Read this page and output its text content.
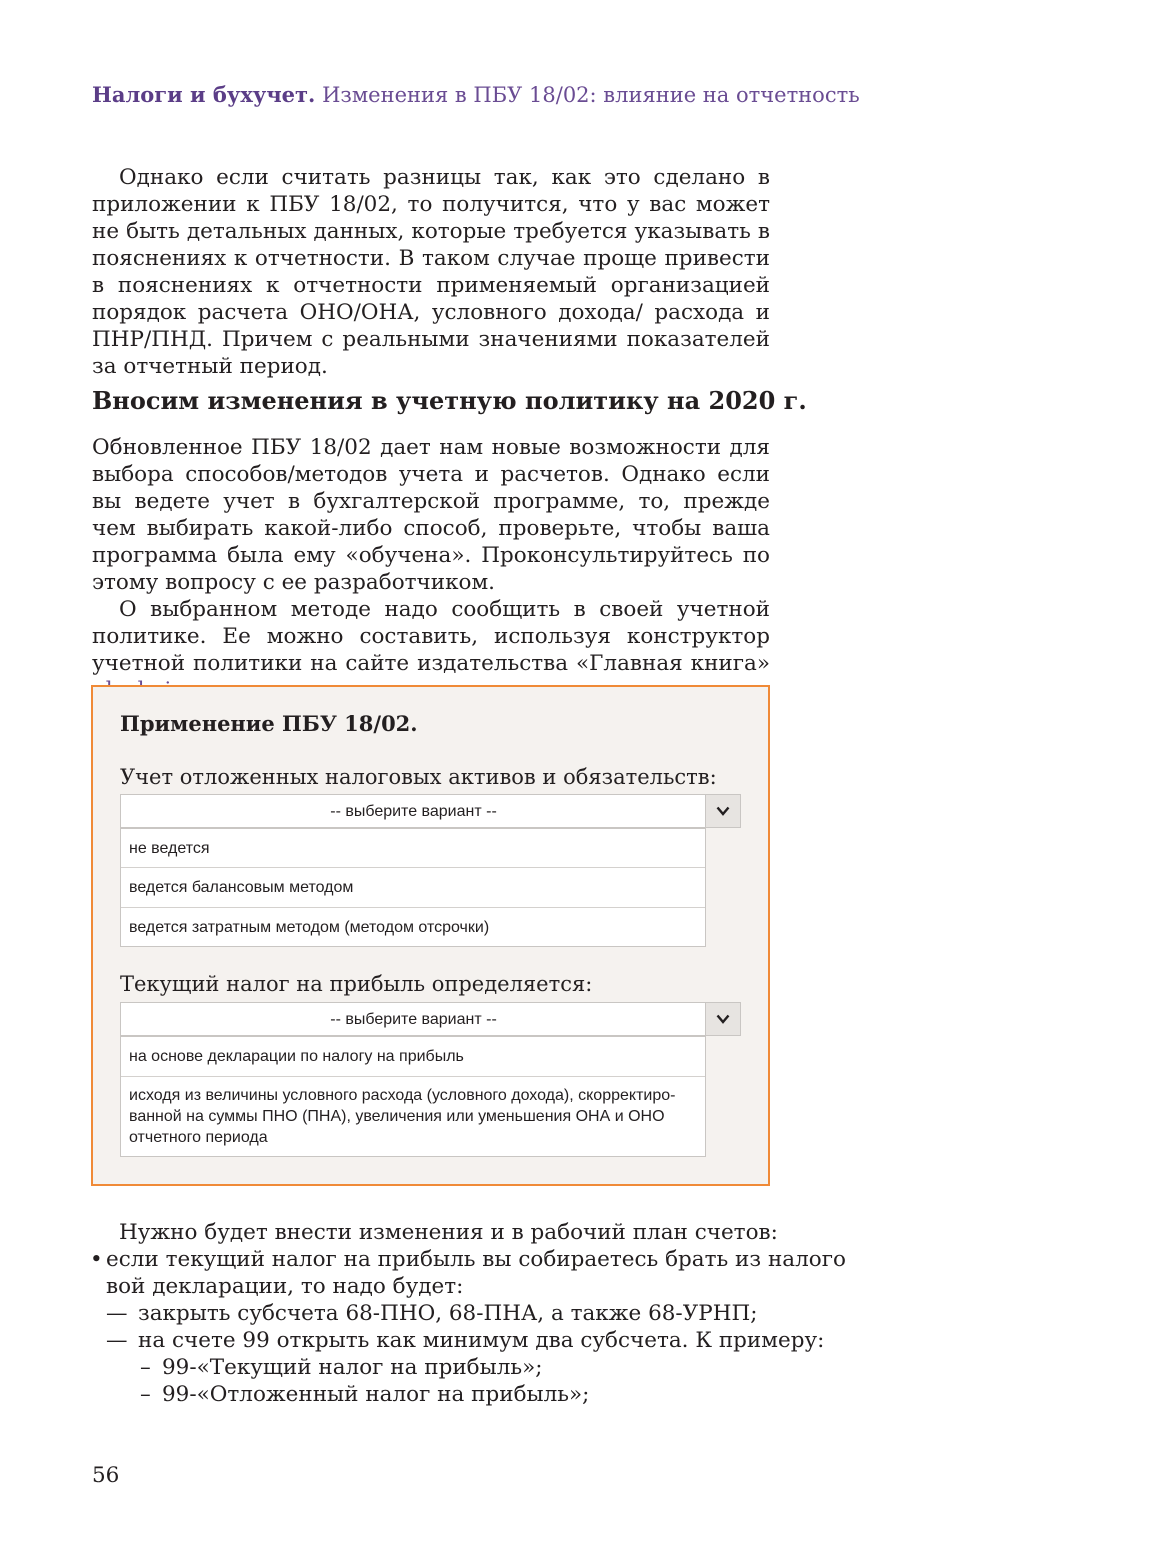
Налоги и бухучет. Изменения в ПБУ 18/02: влияние на отчетность

Однако если считать разницы так, как это сделано в приложении к ПБУ 18/02, то получится, что у вас может не быть детальных данных, которые требуется указывать в пояснениях к отчетности. В таком случае проще привести в пояснениях к отчетности применяемый организацией порядок расчета ОНО/ОНА, условного дохода/ расхода и ПНР/ПНД. Причем с реальными значениями показателей за отчетный период.

Вносим изменения в учетную политику на 2020 г.

Обновленное ПБУ 18/02 дает нам новые возможности для выбора способов/методов учета и расчетов. Однако если вы ведете учет в бухгалтерской программе, то, прежде чем выбирать какой-либо способ, проверьте, чтобы ваша программа была ему «обучена». Проконсультируйтесь по этому вопросу с ее разработчиком.

О выбранном методе надо сообщить в своей учетной политике. Ее можно составить, используя конструктор учетной политики на сайте издательства «Главная книга»

Применение ПБУ 18/02.
Учет отложенных налоговых активов и обязательств:
-- выберите вариант --
не ведется
ведется балансовым методом
ведется затратным методом (методом отсрочки)
Текущий налог на прибыль определяется:
-- выберите вариант --
на основе декларации по налогу на прибыль
исходя из величины условного расхода (условного дохода), скорректированной на суммы ПНО (ПНА), увеличения или уменьшения ОНА и ОНО отчетного периода
Нужно будет внести изменения и в рабочий план счетов:
• если текущий налог на прибыль вы собираетесь брать из налого
вой декларации, то надо будет:
— закрыть субсчета 68-ПНО, 68-ПНА, а также 68-УРНП;
— на счете 99 открыть как минимум два субсчета. К примеру:
– 99-«Текущий налог на прибыль»;
– 99-«Отложенный налог на прибыль»;
56
